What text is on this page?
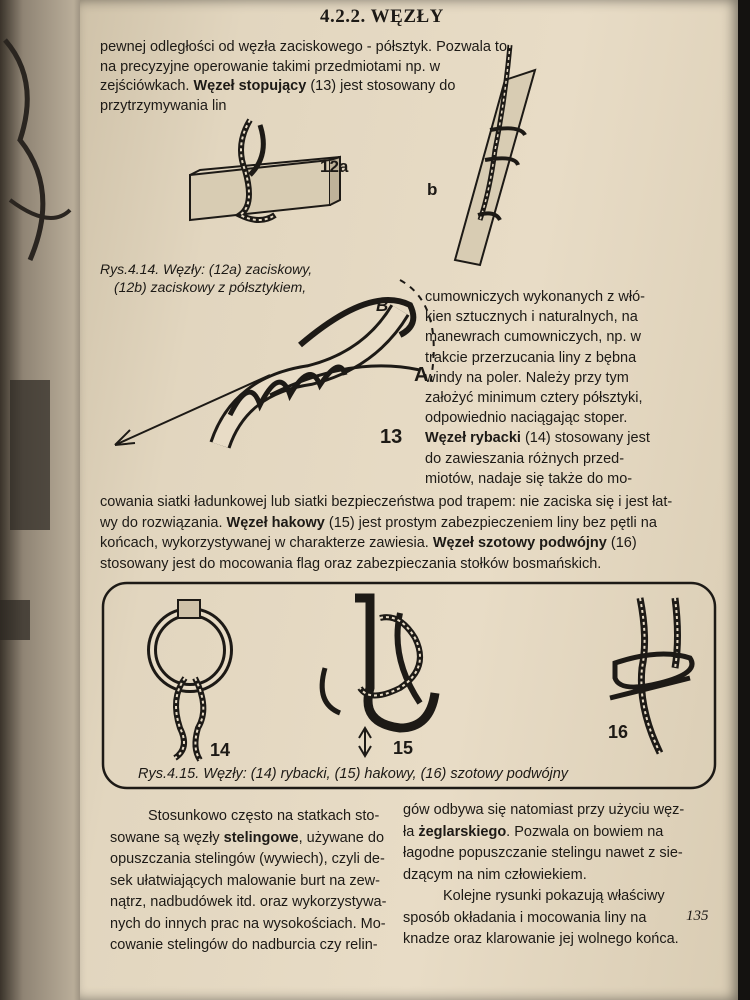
4.2.2. WĘZŁY
pewnej odległości od węzła zaciskowego - półsztyk. Pozwala to
na precyzyjne operowanie takimi przedmiotami np. w
zejściówkach. Węzeł stopujący (13) jest stosowany do
przytrzymywania lin
12a
b
Rys.4.14. Węzły: (12a) zaciskowy,
(12b) zaciskowy z półsztykiem,
B
A
13
cumowniczych wykonanych z włó-
kien sztucznych i naturalnych, na
manewrach cumowniczych, np. w
trakcie przerzucania liny z bębna
windy na poler. Należy przy tym
założyć minimum cztery półsztyki,
odpowiednio naciągając stoper.
Węzeł rybacki (14) stosowany jest
do zawieszania różnych przed-
miotów, nadaje się także do mo-
cowania siatki ładunkowej lub siatki bezpieczeństwa pod trapem: nie zaciska się i jest łat-
wy do rozwiązania. Węzeł hakowy (15) jest prostym zabezpieczeniem liny bez pętli na
końcach, wykorzystywanej w charakterze zawiesia. Węzeł szotowy podwójny (16)
stosowany jest do mocowania flag oraz zabezpieczania stołków bosmańskich.
14	15
16
Rys.4.15. Węzły: (14) rybacki, (15) hakowy, (16) szotowy podwójny
Stosunkowo często na statkach sto-
sowane są węzły stelingowe, używane do
opuszczania stelingów (wywiech), czyli de-
sek ułatwiających malowanie burt na zew-
nątrz, nadbudówek itd. oraz wykorzystywa-
nych do innych prac na wysokościach. Mo-
cowanie stelingów do nadburcia czy relin-
gów odbywa się natomiast przy użyciu węz-
ła żeglarskiego. Pozwala on bowiem na
łagodne popuszczanie stelingu nawet z sie-
dzącym na nim człowiekiem.
Kolejne rysunki pokazują właściwy
sposób okładania i mocowania liny na
knadze oraz klarowanie jej wolnego końca.
135
